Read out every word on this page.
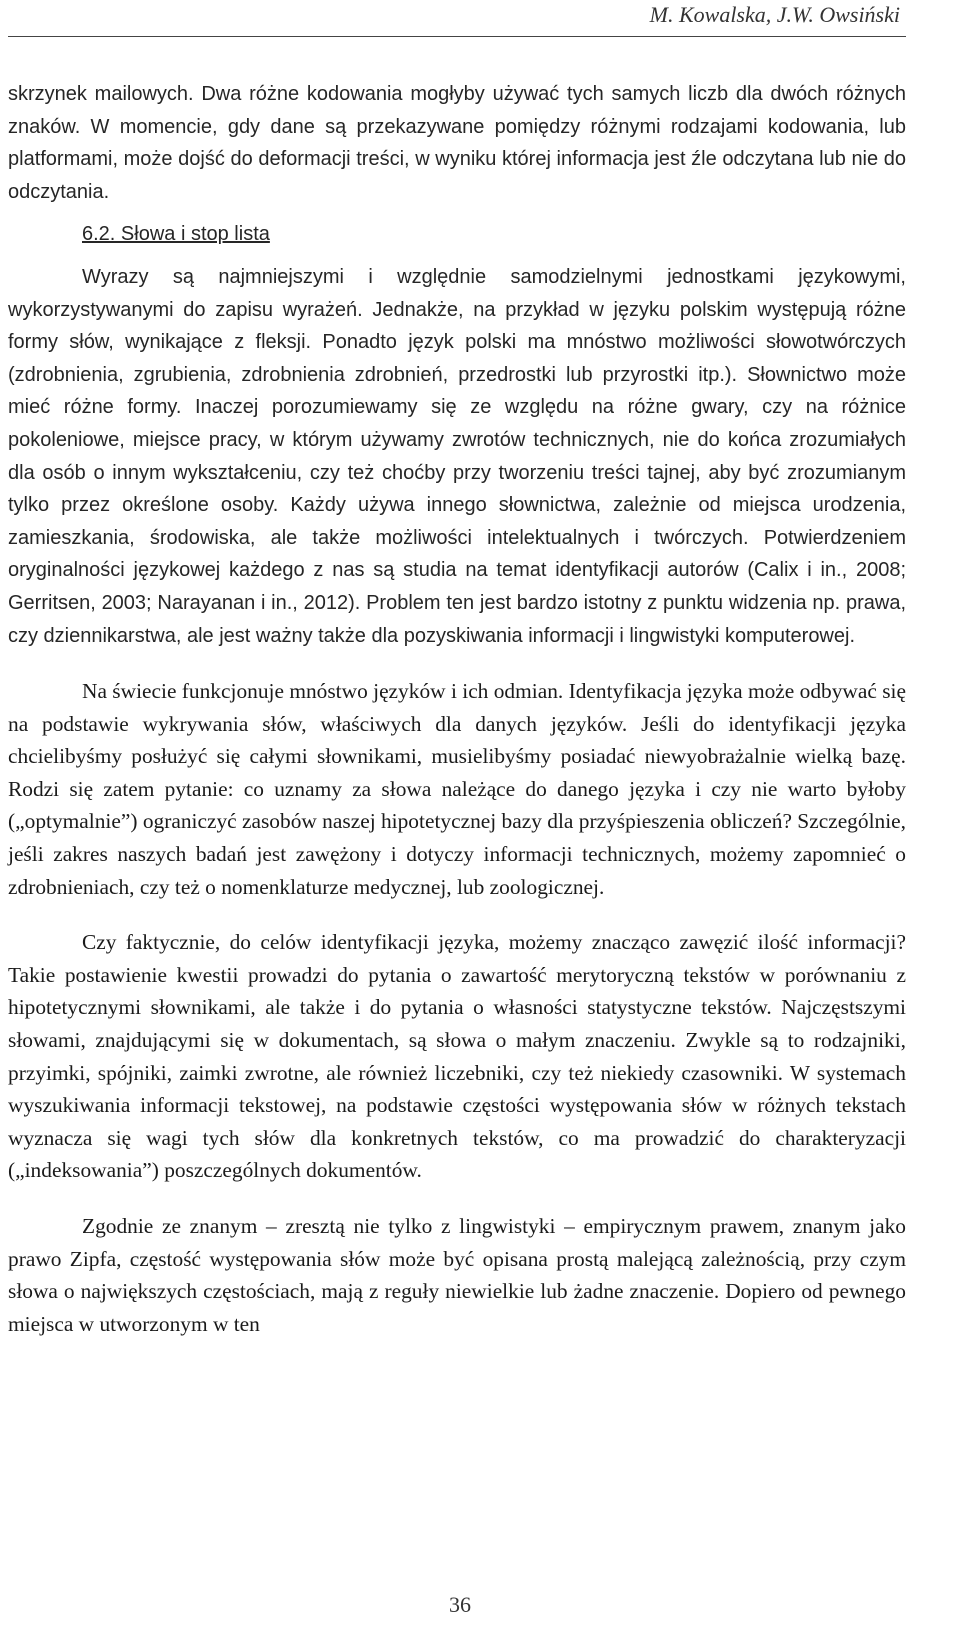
M. Kowalska, J.W. Owsiński

skrzynek mailowych. Dwa różne kodowania mogłyby używać tych samych liczb dla dwóch różnych znaków. W momencie, gdy dane są przekazywane pomiędzy różnymi rodzajami kodowania, lub platformami, może dojść do deformacji treści, w wyniku której informacja jest źle odczytana lub nie do odczytania.

6.2. Słowa i stop lista

Wyrazy są najmniejszymi i względnie samodzielnymi jednostkami językowymi, wykorzystywanymi do zapisu wyrażeń. Jednakże, na przykład w języku polskim występują różne formy słów, wynikające z fleksji. Ponadto język polski ma mnóstwo możliwości słowotwórczych (zdrobnienia, zgrubienia, zdrobnienia zdrobnień, przedrostki lub przyrostki itp.). Słownictwo może mieć różne formy. Inaczej porozumiewamy się ze względu na różne gwary, czy na różnice pokoleniowe, miejsce pracy, w którym używamy zwrotów technicznych, nie do końca zrozumiałych dla osób o innym wykształceniu, czy też choćby przy tworzeniu treści tajnej, aby być zrozumianym tylko przez określone osoby. Każdy używa innego słownictwa, zależnie od miejsca urodzenia, zamieszkania, środowiska, ale także możliwości intelektualnych i twórczych. Potwierdzeniem oryginalności językowej każdego z nas są studia na temat identyfikacji autorów (Calix i in., 2008; Gerritsen, 2003; Narayanan i in., 2012). Problem ten jest bardzo istotny z punktu widzenia np. prawa, czy dziennikarstwa, ale jest ważny także dla pozyskiwania informacji i lingwistyki komputerowej.

Na świecie funkcjonuje mnóstwo języków i ich odmian. Identyfikacja języka może odbywać się na podstawie wykrywania słów, właściwych dla danych języków. Jeśli do identyfikacji języka chcielibyśmy posłużyć się całymi słownikami, musielibyśmy posiadać niewyobrażalnie wielką bazę. Rodzi się zatem pytanie: co uznamy za słowa należące do danego języka i czy nie warto byłoby („optymalnie”) ograniczyć zasobów naszej hipotetycznej bazy dla przyśpieszenia obliczeń? Szczególnie, jeśli zakres naszych badań jest zawężony i dotyczy informacji technicznych, możemy zapomnieć o zdrobnieniach, czy też o nomenklaturze medycznej, lub zoologicznej.

Czy faktycznie, do celów identyfikacji języka, możemy znacząco zawęzić ilość informacji? Takie postawienie kwestii prowadzi do pytania o zawartość merytoryczną tekstów w porównaniu z hipotetycznymi słownikami, ale także i do pytania o własności statystyczne tekstów. Najczęstszymi słowami, znajdującymi się w dokumentach, są słowa o małym znaczeniu. Zwykle są to rodzajniki, przyimki, spójniki, zaimki zwrotne, ale również liczebniki, czy też niekiedy czasowniki. W systemach wyszukiwania informacji tekstowej, na podstawie częstości występowania słów w różnych tekstach wyznacza się wagi tych słów dla konkretnych tekstów, co ma prowadzić do charakteryzacji („indeksowania”) poszczególnych dokumentów.

Zgodnie ze znanym – zresztą nie tylko z lingwistyki – empirycznym prawem, znanym jako prawo Zipfa, częstość występowania słów może być opisana prostą malejącą zależnością, przy czym słowa o największych częstościach, mają z reguły niewielkie lub żadne znaczenie. Dopiero od pewnego miejsca w utworzonym w ten

36
